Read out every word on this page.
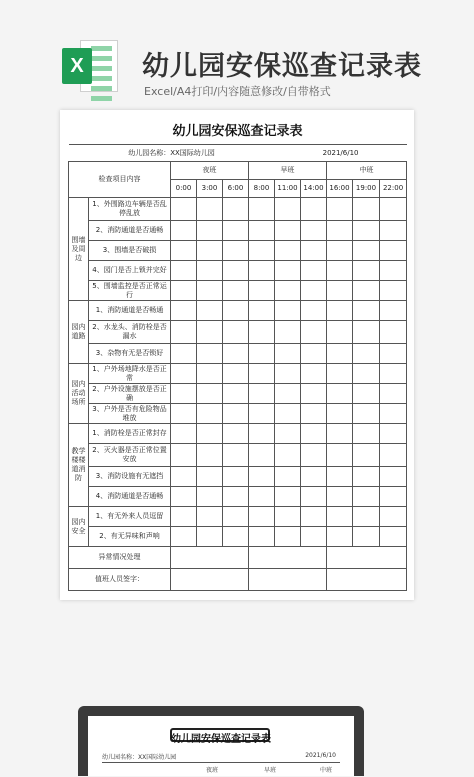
X	幼儿园安保巡查记录表
Excel/A4打印/内容随意修改/自带格式
幼儿园安保巡查记录表										
幼儿园名称：XX国际幼儿园						2021/6/10				
检查项目内容		夜班			早班			中班		
		0:00	3:00	6:00	8:00	11:00	14:00	16:00	19:00	22:00
围墙及周边	1、外围路边车辆是否乱停乱放									
	2、消防通道是否通畅									
	3、围墙是否破损									
	4、园门是否上锁并完好									
	5、围墙监控是否正常运行									
园内道路	1、消防通道是否畅通									
	2、水龙头、消防栓是否漏水									
	3、杂物有无是否锁好									
园内活动场所	1、户外场地降水是否正常									
	2、户外设施摆放是否正确									
	3、户外是否有危险物品堆放									
教学楼楼道消防	1、消防栓是否正常封存									
	2、灭火器是否正常位置安放									
	3、消防设施有无遮挡									
	4、消防通道是否通畅									
园内安全	1、有无外来人员逗留									
	2、有无异味和声响									
异常情况处理										
值班人员签字：										
幼儿园安保巡查记录表
幼儿园名称：XX国际幼儿园	2021/6/10
夜班	早班	中班
